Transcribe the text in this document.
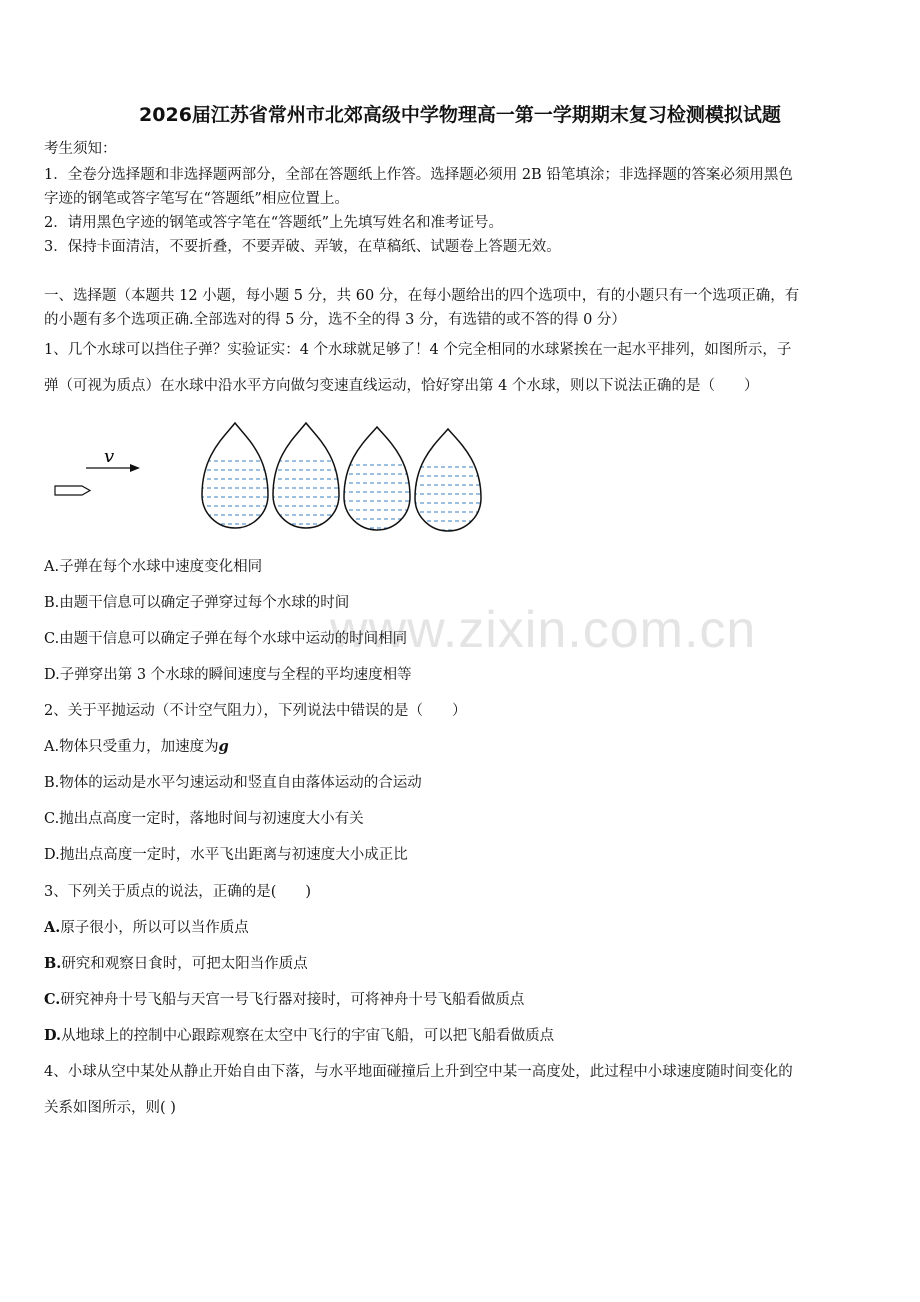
www.zixin.com.cn
2026届江苏省常州市北郊高级中学物理高一第一学期期末复习检测模拟试题
考生须知：
1．全卷分选择题和非选择题两部分，全部在答题纸上作答。选择题必须用 2B 铅笔填涂；非选择题的答案必须用黑色
字迹的钢笔或答字笔写在“答题纸”相应位置上。
2．请用黑色字迹的钢笔或答字笔在“答题纸”上先填写姓名和准考证号。
3．保持卡面清洁，不要折叠，不要弄破、弄皱，在草稿纸、试题卷上答题无效。
一、选择题（本题共 12 小题，每小题 5 分，共 60 分，在每小题给出的四个选项中，有的小题只有一个选项正确，有
的小题有多个选项正确.全部选对的得 5 分，选不全的得 3 分，有选错的或不答的得 0 分）
1、几个水球可以挡住子弹？实验证实：4 个水球就足够了！4 个完全相同的水球紧挨在一起水平排列，如图所示，子
弹（可视为质点）在水球中沿水平方向做匀变速直线运动，恰好穿出第 4 个水球，则以下说法正确的是（　　）
v
A.子弹在每个水球中速度变化相同
B.由题干信息可以确定子弹穿过每个水球的时间
C.由题干信息可以确定子弹在每个水球中运动的时间相同
D.子弹穿出第 3 个水球的瞬间速度与全程的平均速度相等
2、关于平抛运动（不计空气阻力），下列说法中错误的是（　　）
A.物体只受重力，加速度为g
B.物体的运动是水平匀速运动和竖直自由落体运动的合运动
C.抛出点高度一定时，落地时间与初速度大小有关
D.抛出点高度一定时，水平飞出距离与初速度大小成正比
3、下列关于质点的说法，正确的是(　　)
A.原子很小，所以可以当作质点
B.研究和观察日食时，可把太阳当作质点
C.研究神舟十号飞船与天宫一号飞行器对接时，可将神舟十号飞船看做质点
D.从地球上的控制中心跟踪观察在太空中飞行的宇宙飞船，可以把飞船看做质点
4、小球从空中某处从静止开始自由下落，与水平地面碰撞后上升到空中某一高度处，此过程中小球速度随时间变化的
关系如图所示，则( )
